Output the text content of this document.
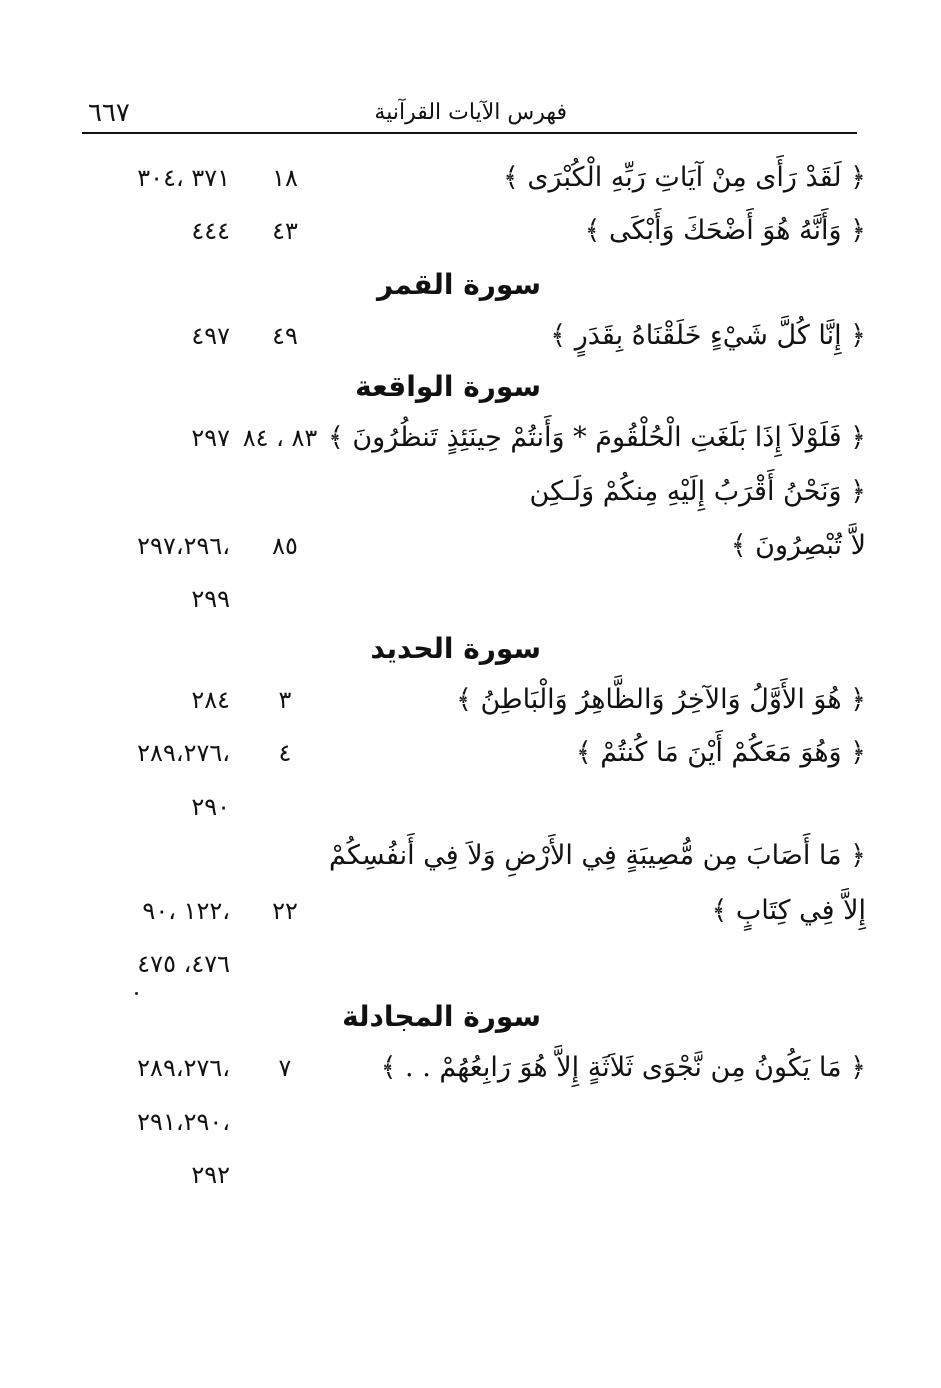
٦٦٧	فهرس الآيات القرآنية
﴿ لَقَدْ رَأَى مِنْ آيَاتِ رَبِّهِ الْكُبْرَى ﴾
١٨
٣٧١ ،٣٠٤
﴿ وَأَنَّهُ هُوَ أَضْحَكَ وَأَبْكَى ﴾
٤٣
٤٤٤
سورة القمر
﴿ إِنَّا كُلَّ شَيْءٍ خَلَقْنَاهُ بِقَدَرٍ ﴾
٤٩
٤٩٧
سورة الواقعة
﴿ فَلَوْلاَ إِذَا بَلَغَتِ الْحُلْقُومَ * وَأَنتُمْ حِينَئِذٍ تَنظُرُونَ ﴾
٨٣ ، ٨٤
٢٩٧
﴿ وَنَحْنُ أَقْرَبُ إِلَيْهِ مِنكُمْ وَلَـكِن
لاَّ تُبْصِرُونَ ﴾
٨٥
،٢٩٧،٢٩٦
٢٩٩
سورة الحديد
﴿ هُوَ الأَوَّلُ وَالآخِرُ وَالظَّاهِرُ وَالْبَاطِنُ ﴾
٣
٢٨٤
﴿ وَهُوَ مَعَكُمْ أَيْنَ مَا كُنتُمْ ﴾
٤
،٢٨٩،٢٧٦
٢٩٠
﴿ مَا أَصَابَ مِن مُّصِيبَةٍ فِي الأَرْضِ وَلاَ فِي أَنفُسِكُمْ
إِلاَّ فِي كِتَابٍ ﴾
٢٢
،١٢٢ ،٩٠
٤٧٦، ٤٧٥
سورة المجادلة
﴿ مَا يَكُونُ مِن نَّجْوَى ثَلاَثَةٍ إِلاَّ هُوَ رَابِعُهُمْ . . ﴾
٧
،٢٨٩،٢٧٦
،٢٩١،٢٩٠
٢٩٢
